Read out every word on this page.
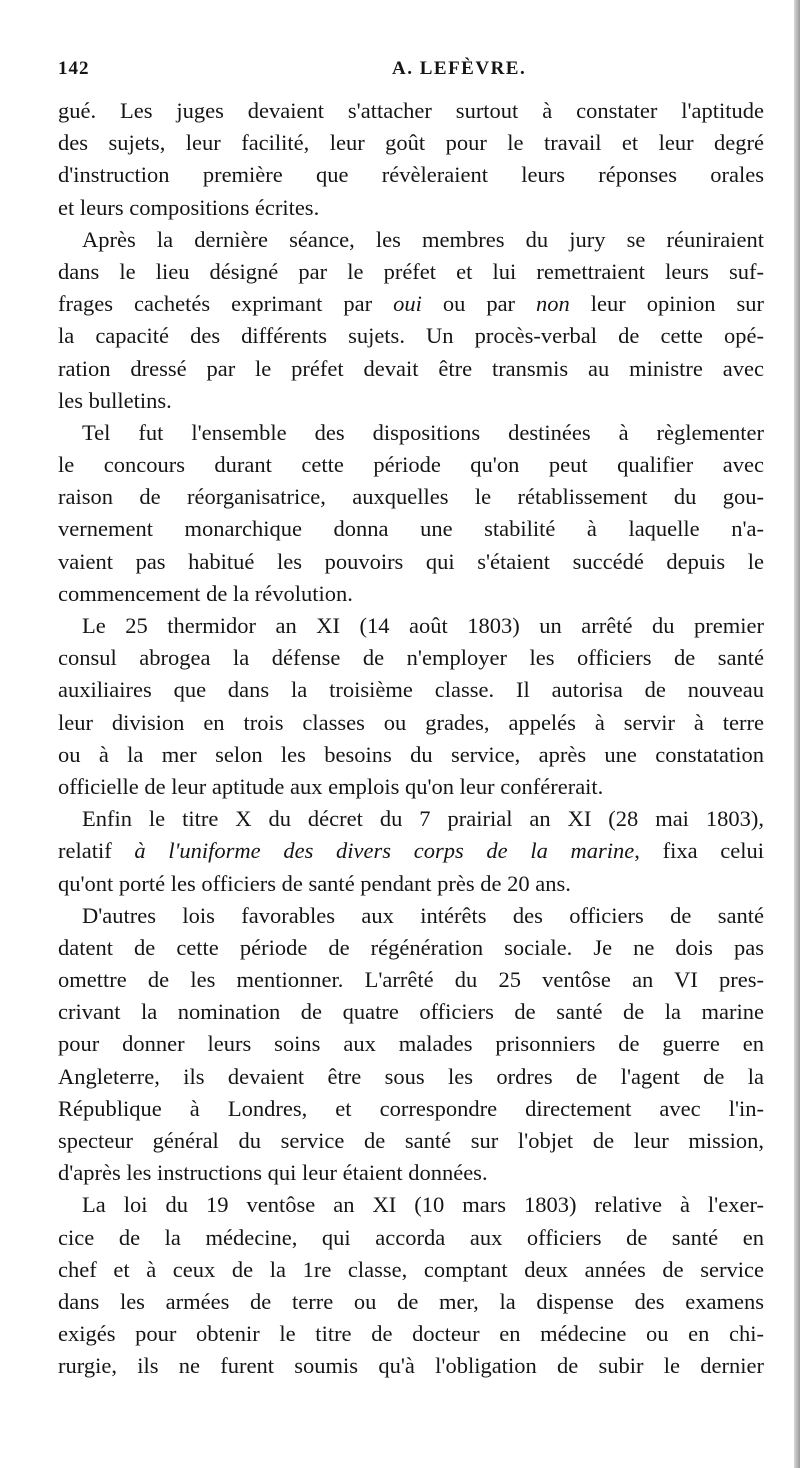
142	A. LEFÈVRE.
gué. Les juges devaient s'attacher surtout à constater l'aptitude
des sujets, leur facilité, leur goût pour le travail et leur degré
d'instruction première que révèleraient leurs réponses orales
et leurs compositions écrites.
Après la dernière séance, les membres du jury se réuniraient
dans le lieu désigné par le préfet et lui remettraient leurs suf-
frages cachetés exprimant par oui ou par non leur opinion sur
la capacité des différents sujets. Un procès-verbal de cette opé-
ration dressé par le préfet devait être transmis au ministre avec
les bulletins.
Tel fut l'ensemble des dispositions destinées à règlementer
le concours durant cette période qu'on peut qualifier avec
raison de réorganisatrice, auxquelles le rétablissement du gou-
vernement monarchique donna une stabilité à laquelle n'a-
vaient pas habitué les pouvoirs qui s'étaient succédé depuis le
commencement de la révolution.
Le 25 thermidor an XI (14 août 1803) un arrêté du premier
consul abrogea la défense de n'employer les officiers de santé
auxiliaires que dans la troisième classe. Il autorisa de nouveau
leur division en trois classes ou grades, appelés à servir à terre
ou à la mer selon les besoins du service, après une constatation
officielle de leur aptitude aux emplois qu'on leur conférerait.
Enfin le titre X du décret du 7 prairial an XI (28 mai 1803),
relatif à l'uniforme des divers corps de la marine, fixa celui
qu'ont porté les officiers de santé pendant près de 20 ans.
D'autres lois favorables aux intérêts des officiers de santé
datent de cette période de régénération sociale. Je ne dois pas
omettre de les mentionner. L'arrêté du 25 ventôse an VI pres-
crivant la nomination de quatre officiers de santé de la marine
pour donner leurs soins aux malades prisonniers de guerre en
Angleterre, ils devaient être sous les ordres de l'agent de la
République à Londres, et correspondre directement avec l'in-
specteur général du service de santé sur l'objet de leur mission,
d'après les instructions qui leur étaient données.
La loi du 19 ventôse an XI (10 mars 1803) relative à l'exer-
cice de la médecine, qui accorda aux officiers de santé en
chef et à ceux de la 1re classe, comptant deux années de service
dans les armées de terre ou de mer, la dispense des examens
exigés pour obtenir le titre de docteur en médecine ou en chi-
rurgie, ils ne furent soumis qu'à l'obligation de subir le dernier
